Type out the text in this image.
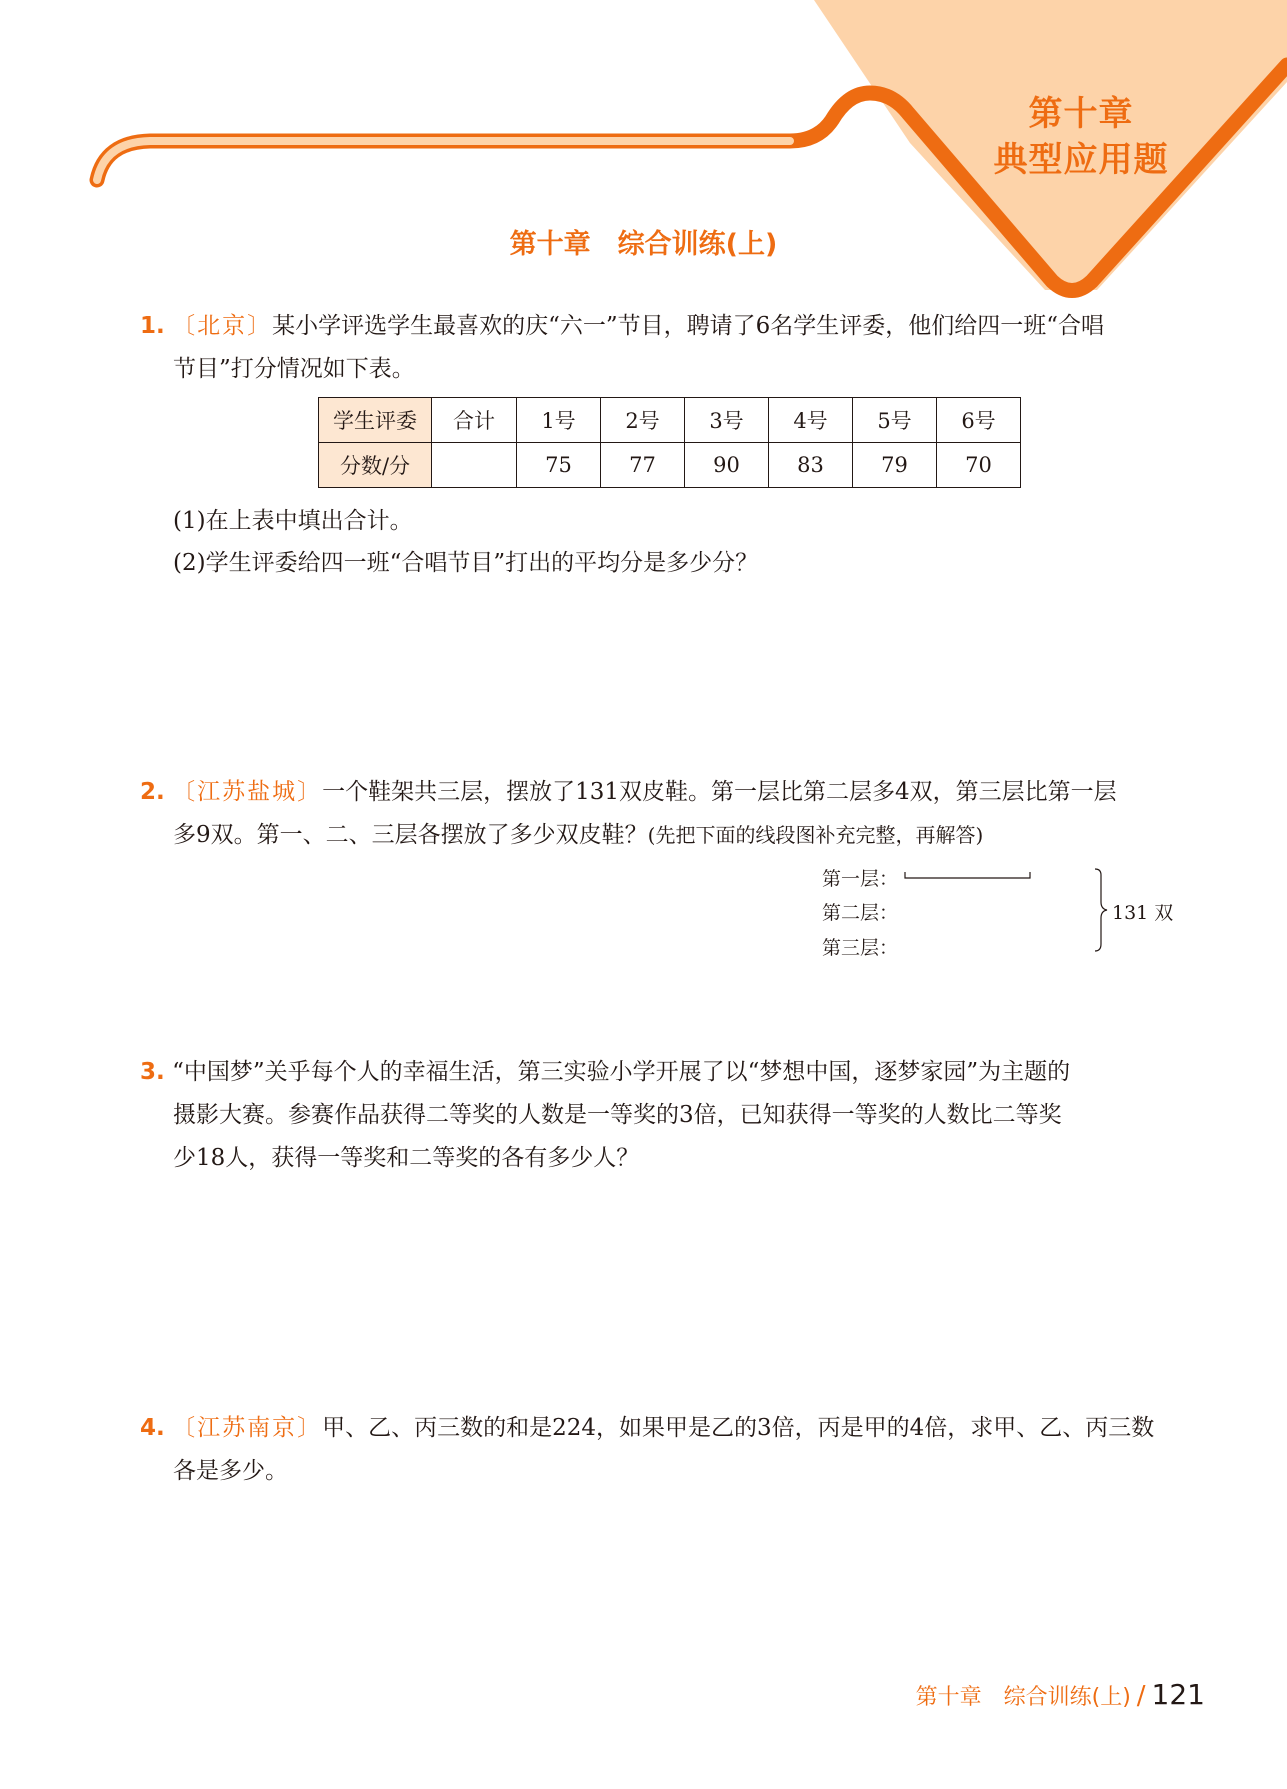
第十章
典型应用题
第十章　综合训练(上)
1. 〔北京〕某小学评选学生最喜欢的庆“六一”节目，聘请了6名学生评委，他们给四一班“合唱
节目”打分情况如下表。
学生评委	合计	1号	2号	3号	4号	5号	6号
分数/分		75	77	90	83	79	70
(1)在上表中填出合计。
(2)学生评委给四一班“合唱节目”打出的平均分是多少分？
2. 〔江苏盐城〕一个鞋架共三层，摆放了131双皮鞋。第一层比第二层多4双，第三层比第一层
多9双。第一、二、三层各摆放了多少双皮鞋？(先把下面的线段图补充完整，再解答)
第一层：
第二层：
第三层：
131 双
3. “中国梦”关乎每个人的幸福生活，第三实验小学开展了以“梦想中国，逐梦家园”为主题的
摄影大赛。参赛作品获得二等奖的人数是一等奖的3倍，已知获得一等奖的人数比二等奖
少18人，获得一等奖和二等奖的各有多少人？
4. 〔江苏南京〕甲、乙、丙三数的和是224，如果甲是乙的3倍，丙是甲的4倍，求甲、乙、丙三数
各是多少。
第十章　综合训练(上) / 121
